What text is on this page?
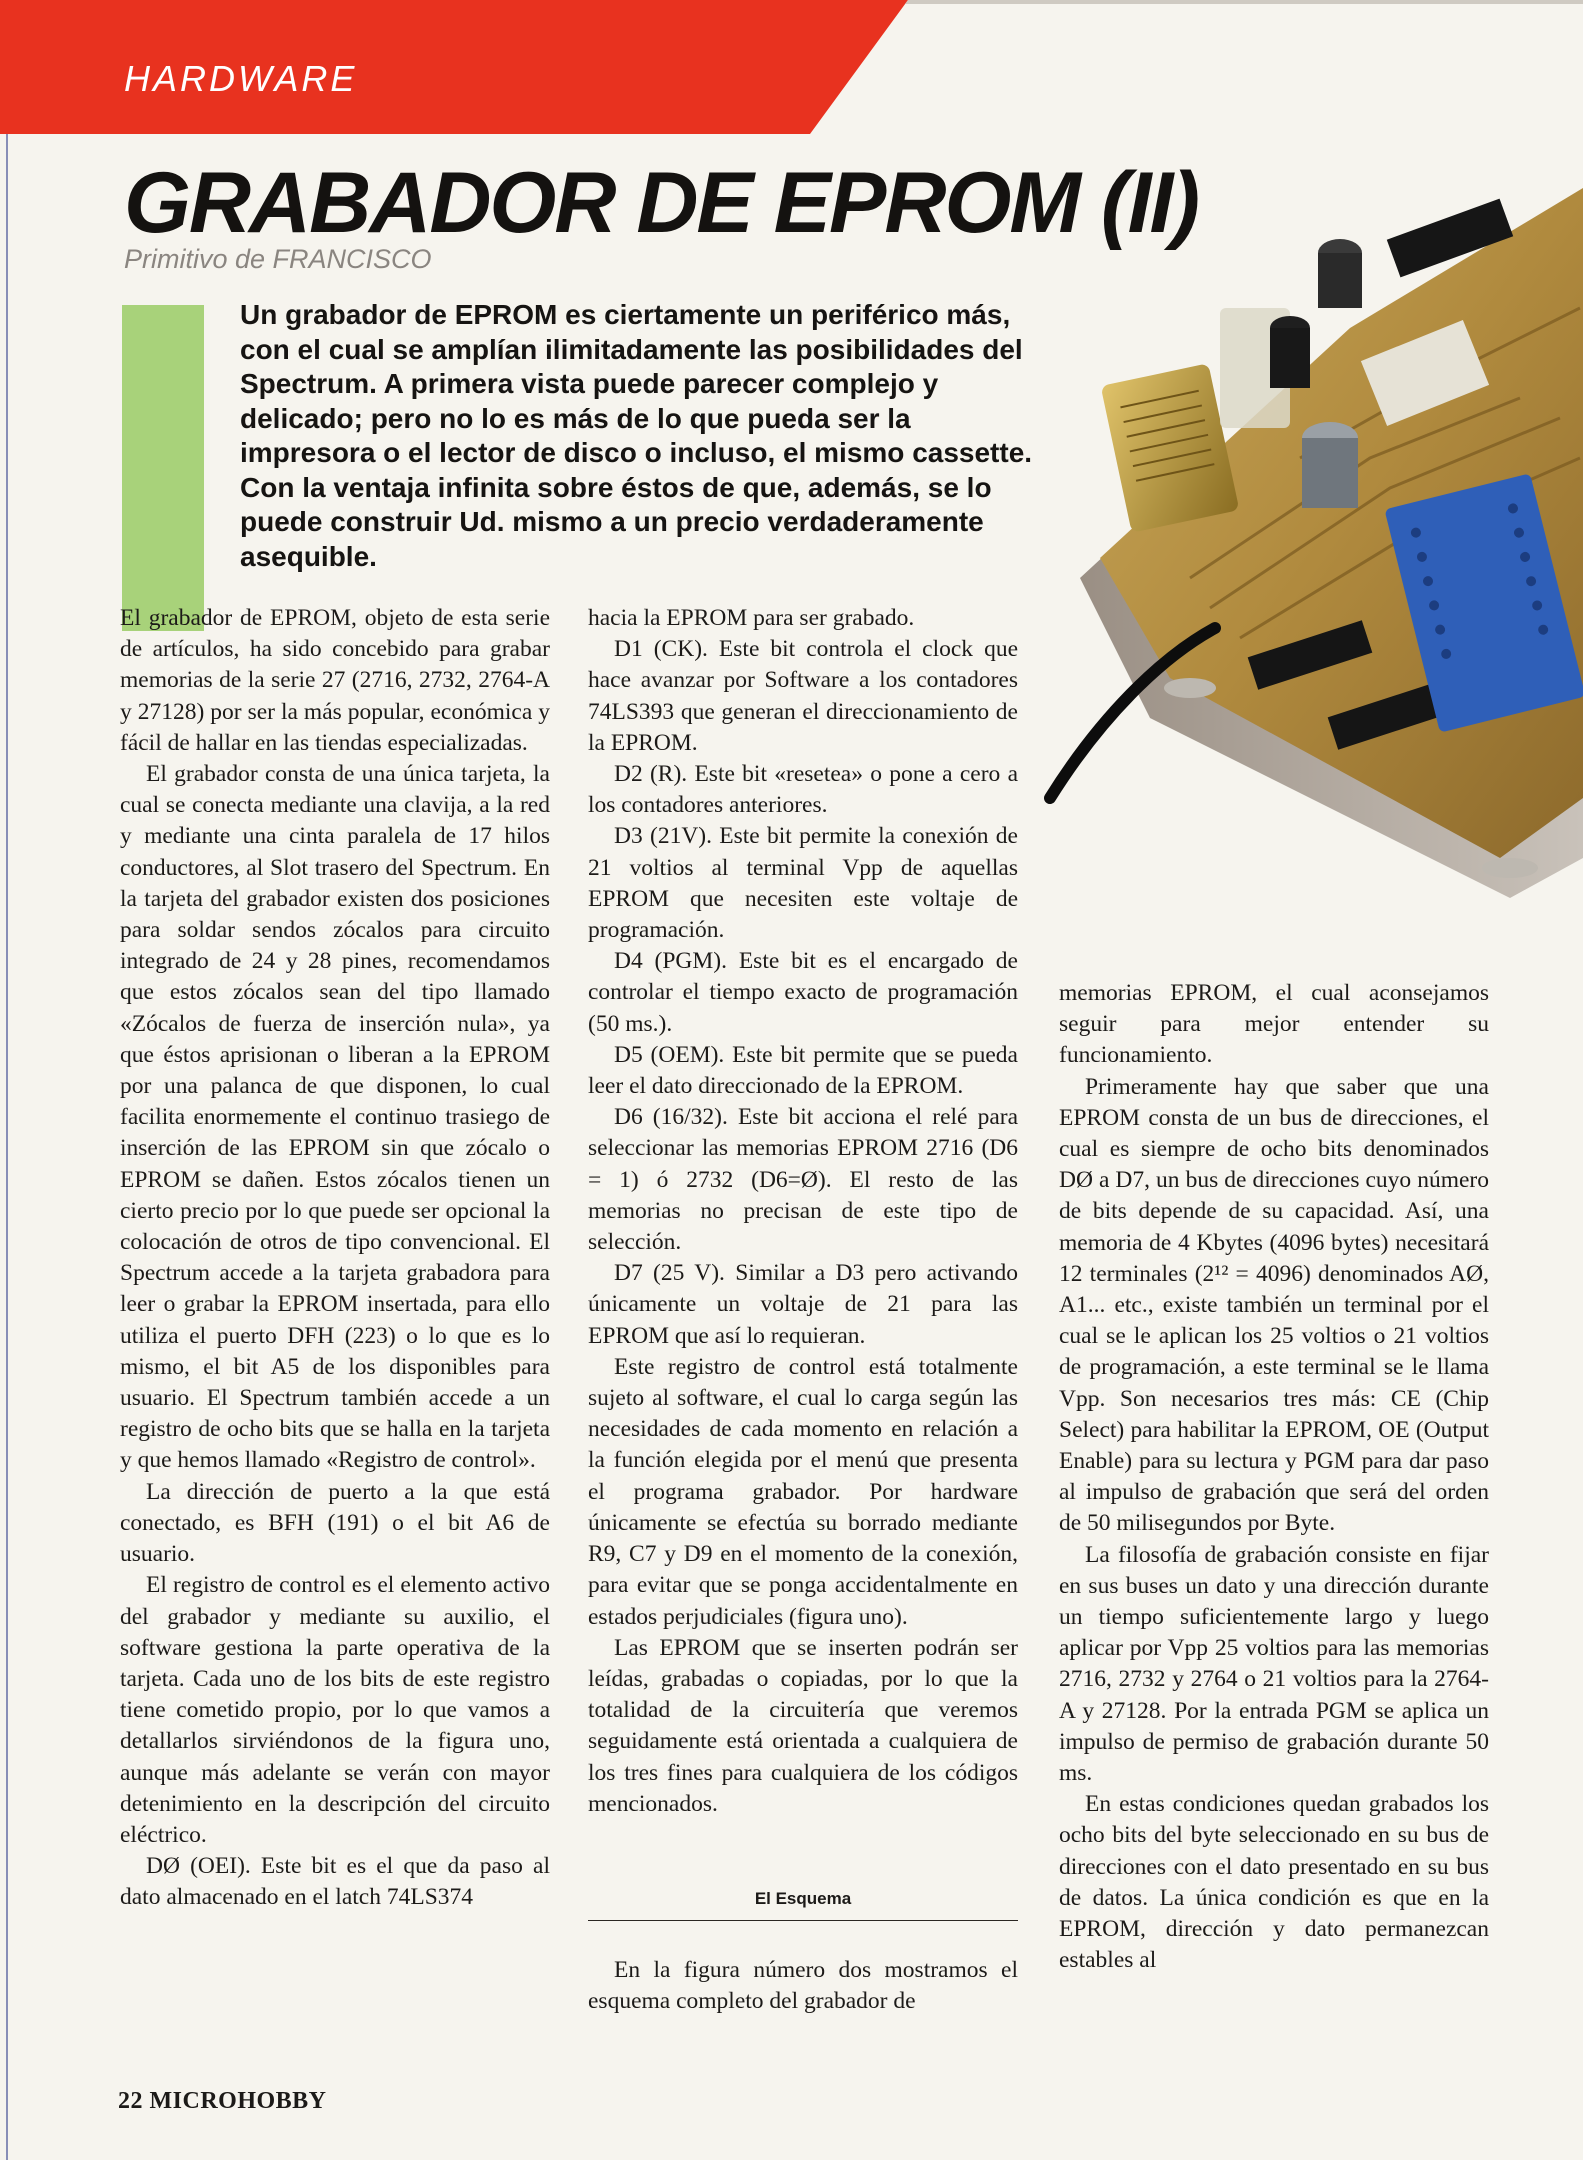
HARDWARE
GRABADOR DE EPROM (II)
Primitivo de FRANCISCO

Un grabador de EPROM es ciertamente un periférico más, con el cual se amplían ilimitadamente las posibilidades del Spectrum. A primera vista puede parecer complejo y delicado; pero no lo es más de lo que pueda ser la impresora o el lector de disco o incluso, el mismo cassette. Con la ventaja infinita sobre éstos de que, además, se lo puede construir Ud. mismo a un precio verdaderamente asequible.

El grabador de EPROM, objeto de esta serie de artículos, ha sido concebido para grabar memorias de la serie 27 (2716, 2732, 2764-A y 27128) por ser la más popular, económica y fácil de hallar en las tiendas especializadas.

El grabador consta de una única tarjeta, la cual se conecta mediante una clavija, a la red y mediante una cinta paralela de 17 hilos conductores, al Slot trasero del Spectrum. En la tarjeta del grabador existen dos posiciones para soldar sendos zócalos para circuito integrado de 24 y 28 pines, recomendamos que estos zócalos sean del tipo llamado «Zócalos de fuerza de inserción nula», ya que éstos aprisionan o liberan a la EPROM por una palanca de que disponen, lo cual facilita enormemente el continuo trasiego de inserción de las EPROM sin que zócalo o EPROM se dañen. Estos zócalos tienen un cierto precio por lo que puede ser opcional la colocación de otros de tipo convencional. El Spectrum accede a la tarjeta grabadora para leer o grabar la EPROM insertada, para ello utiliza el puerto DFH (223) o lo que es lo mismo, el bit A5 de los disponibles para usuario. El Spectrum también accede a un registro de ocho bits que se halla en la tarjeta y que hemos llamado «Registro de control».

La dirección de puerto a la que está conectado, es BFH (191) o el bit A6 de usuario.

El registro de control es el elemento activo del grabador y mediante su auxilio, el software gestiona la parte operativa de la tarjeta. Cada uno de los bits de este registro tiene cometido propio, por lo que vamos a detallarlos sirviéndonos de la figura uno, aunque más adelante se verán con mayor detenimiento en la descripción del circuito eléctrico.

DØ (OEI). Este bit es el que da paso al dato almacenado en el latch 74LS374

hacia la EPROM para ser grabado.

D1 (CK). Este bit controla el clock que hace avanzar por Software a los contadores 74LS393 que generan el direccionamiento de la EPROM.

D2 (R). Este bit «resetea» o pone a cero a los contadores anteriores.

D3 (21V). Este bit permite la conexión de 21 voltios al terminal Vpp de aquellas EPROM que necesiten este voltaje de programación.

D4 (PGM). Este bit es el encargado de controlar el tiempo exacto de programación (50 ms.).

D5 (OEM). Este bit permite que se pueda leer el dato direccionado de la EPROM.

D6 (16/32). Este bit acciona el relé para seleccionar las memorias EPROM 2716 (D6 = 1) ó 2732 (D6=Ø). El resto de las memorias no precisan de este tipo de selección.

D7 (25 V). Similar a D3 pero activando únicamente un voltaje de 21 para las EPROM que así lo requieran.

Este registro de control está totalmente sujeto al software, el cual lo carga según las necesidades de cada momento en relación a la función elegida por el menú que presenta el programa grabador. Por hardware únicamente se efectúa su borrado mediante R9, C7 y D9 en el momento de la conexión, para evitar que se ponga accidentalmente en estados perjudiciales (figura uno).

Las EPROM que se inserten podrán ser leídas, grabadas o copiadas, por lo que la totalidad de la circuitería que veremos seguidamente está orientada a cualquiera de los tres fines para cualquiera de los códigos mencionados.

El Esquema

En la figura número dos mostramos el esquema completo del grabador de

memorias EPROM, el cual aconsejamos seguir para mejor entender su funcionamiento.

Primeramente hay que saber que una EPROM consta de un bus de direcciones, el cual es siempre de ocho bits denominados DØ a D7, un bus de direcciones cuyo número de bits depende de su capacidad. Así, una memoria de 4 Kbytes (4096 bytes) necesitará 12 terminales (2¹² = 4096) denominados AØ, A1... etc., existe también un terminal por el cual se le aplican los 25 voltios o 21 voltios de programación, a este terminal se le llama Vpp. Son necesarios tres más: CE (Chip Select) para habilitar la EPROM, OE (Output Enable) para su lectura y PGM para dar paso al impulso de grabación que será del orden de 50 milisegundos por Byte.

La filosofía de grabación consiste en fijar en sus buses un dato y una dirección durante un tiempo suficientemente largo y luego aplicar por Vpp 25 voltios para las memorias 2716, 2732 y 2764 o 21 voltios para la 2764-A y 27128. Por la entrada PGM se aplica un impulso de permiso de grabación durante 50 ms.

En estas condiciones quedan grabados los ocho bits del byte seleccionado en su bus de direcciones con el dato presentado en su bus de datos. La única condición es que en la EPROM, dirección y dato permanezcan estables al

22 MICROHOBBY
